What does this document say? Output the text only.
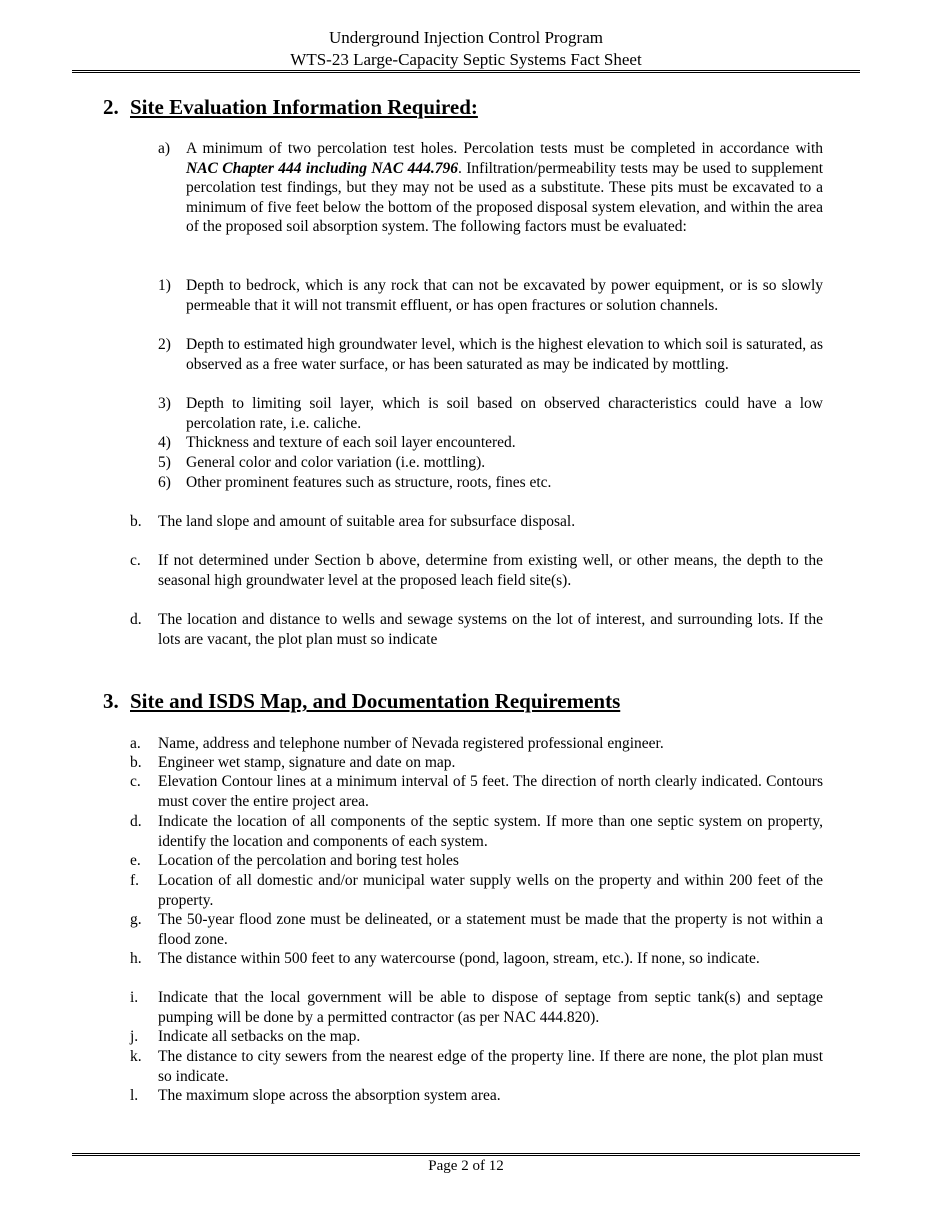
Underground Injection Control Program
WTS-23 Large-Capacity Septic Systems Fact Sheet
2. Site Evaluation Information Required:
a) A minimum of two percolation test holes. Percolation tests must be completed in accordance with NAC Chapter 444 including NAC 444.796. Infiltration/permeability tests may be used to supplement percolation test findings, but they may not be used as a substitute. These pits must be excavated to a minimum of five feet below the bottom of the proposed disposal system elevation, and within the area of the proposed soil absorption system. The following factors must be evaluated:
1) Depth to bedrock, which is any rock that can not be excavated by power equipment, or is so slowly permeable that it will not transmit effluent, or has open fractures or solution channels.
2) Depth to estimated high groundwater level, which is the highest elevation to which soil is saturated, as observed as a free water surface, or has been saturated as may be indicated by mottling.
3) Depth to limiting soil layer, which is soil based on observed characteristics could have a low percolation rate, i.e. caliche.
4) Thickness and texture of each soil layer encountered.
5) General color and color variation (i.e. mottling).
6) Other prominent features such as structure, roots, fines etc.
b. The land slope and amount of suitable area for subsurface disposal.
c. If not determined under Section b above, determine from existing well, or other means, the depth to the seasonal high groundwater level at the proposed leach field site(s).
d. The location and distance to wells and sewage systems on the lot of interest, and surrounding lots. If the lots are vacant, the plot plan must so indicate
3. Site and ISDS Map, and Documentation Requirements
a. Name, address and telephone number of Nevada registered professional engineer.
b. Engineer wet stamp, signature and date on map.
c. Elevation Contour lines at a minimum interval of 5 feet. The direction of north clearly indicated. Contours must cover the entire project area.
d. Indicate the location of all components of the septic system. If more than one septic system on property, identify the location and components of each system.
e. Location of the percolation and boring test holes
f. Location of all domestic and/or municipal water supply wells on the property and within 200 feet of the property.
g. The 50-year flood zone must be delineated, or a statement must be made that the property is not within a flood zone.
h. The distance within 500 feet to any watercourse (pond, lagoon, stream, etc.). If none, so indicate.
i. Indicate that the local government will be able to dispose of septage from septic tank(s) and septage pumping will be done by a permitted contractor (as per NAC 444.820).
j. Indicate all setbacks on the map.
k. The distance to city sewers from the nearest edge of the property line. If there are none, the plot plan must so indicate.
l. The maximum slope across the absorption system area.
Page 2 of 12
